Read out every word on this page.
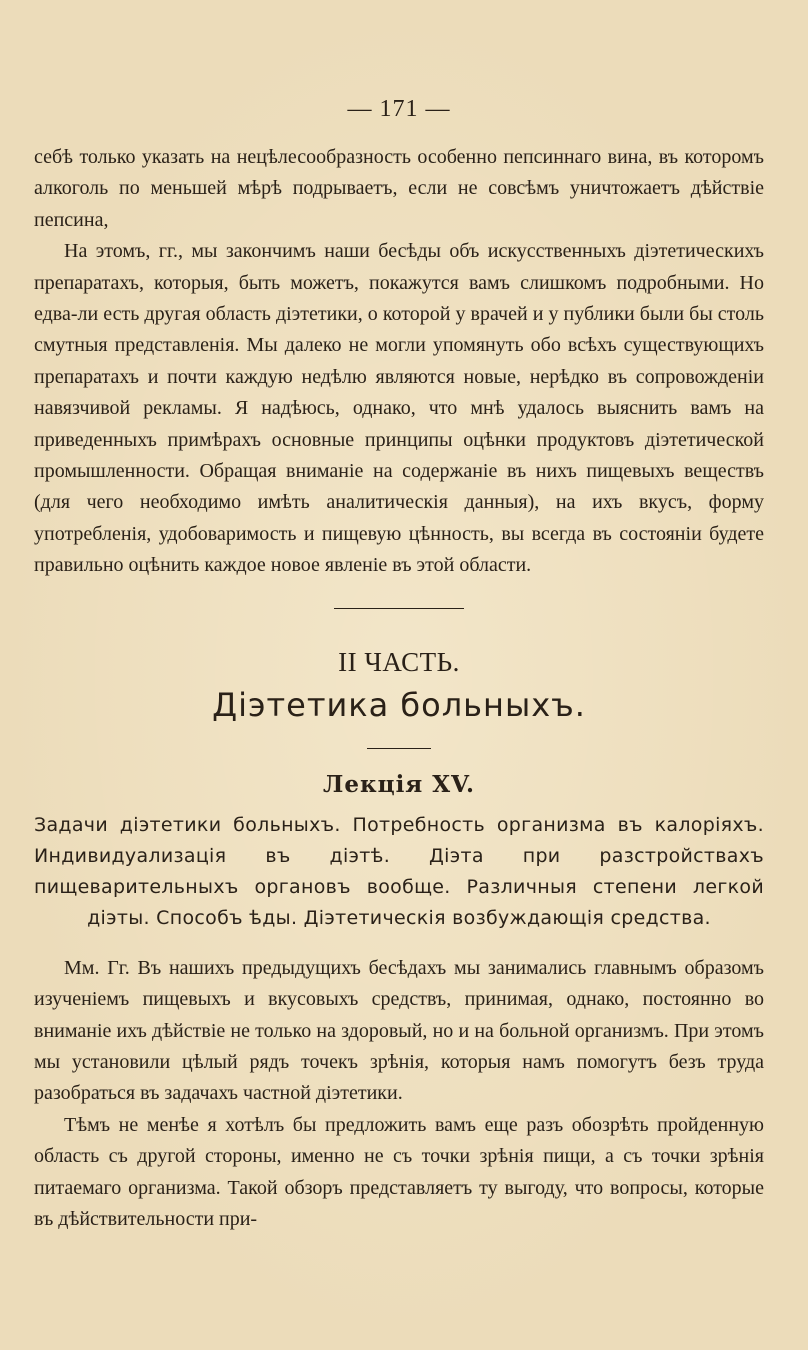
— 171 —

себѣ только указать на нецѣлесообразность особенно пепсиннаго вина, въ которомъ алкоголь по меньшей мѣрѣ подрываетъ, если не совсѣмъ уничтожаетъ дѣйствіе пепсина,

На этомъ, гг., мы закончимъ наши бесѣды объ искусственныхъ діэтетическихъ препаратахъ, которыя, быть можетъ, покажутся вамъ слишкомъ подробными. Но едва-ли есть другая область діэтетики, о которой у врачей и у публики были бы столь смутныя представленія. Мы далеко не могли упомянуть обо всѣхъ существующихъ препаратахъ и почти каждую недѣлю являются новые, нерѣдко въ сопровожденіи навязчивой рекламы. Я надѣюсь, однако, что мнѣ удалось выяснить вамъ на приведенныхъ примѣрахъ основные принципы оцѣнки продуктовъ діэтетической промышленности. Обращая вниманіе на содержаніе въ нихъ пищевыхъ веществъ (для чего необходимо имѣть аналитическія данныя), на ихъ вкусъ, форму употребленія, удобоваримость и пищевую цѣнность, вы всегда въ состояніи будете правильно оцѣнить каждое новое явленіе въ этой области.

II ЧАСТЬ.
Діэтетика больныхъ.
Лекція XV.

Задачи діэтетики больныхъ. Потребность организма въ калоріяхъ. Индивидуализація въ діэтѣ. Діэта при разстройствахъ пищеварительныхъ органовъ вообще. Различныя степени легкой діэты. Способъ ѣды. Діэтетическія возбуждающія средства.

Мм. Гг. Въ нашихъ предыдущихъ бесѣдахъ мы занимались главнымъ образомъ изученіемъ пищевыхъ и вкусовыхъ средствъ, принимая, однако, постоянно во вниманіе ихъ дѣйствіе не только на здоровый, но и на больной организмъ. При этомъ мы установили цѣлый рядъ точекъ зрѣнія, которыя намъ помогутъ безъ труда разобраться въ задачахъ частной діэтетики.

Тѣмъ не менѣе я хотѣлъ бы предложить вамъ еще разъ обозрѣть пройденную область съ другой стороны, именно не съ точки зрѣнія пищи, а съ точки зрѣнія питаемаго организма. Такой обзоръ представляетъ ту выгоду, что вопросы, которые въ дѣйствительности при-
